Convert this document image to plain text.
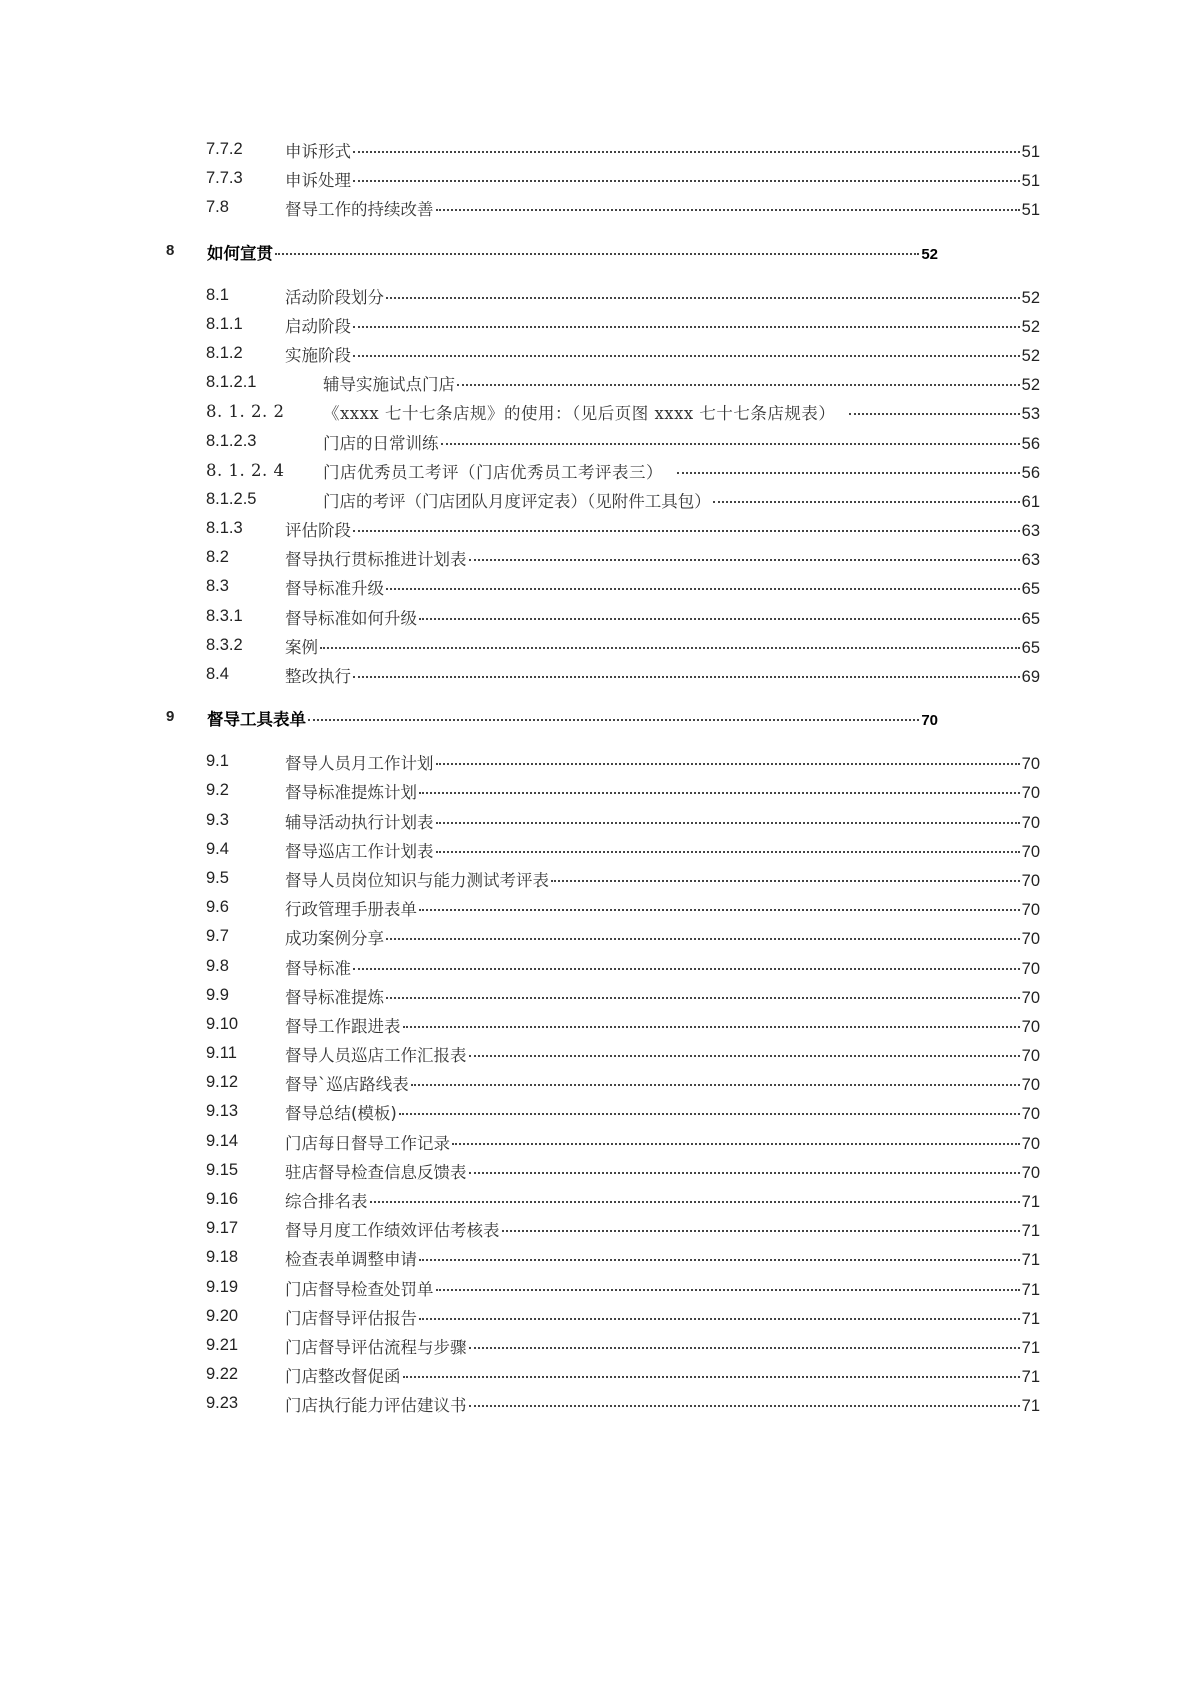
7.7.2	申诉形式	51
7.7.3	申诉处理	51
7.8	督导工作的持续改善	51
8 如何宣贯	52
8.1	活动阶段划分	52
8.1.1	启动阶段	52
8.1.2	实施阶段	52
8.1.2.1	辅导实施试点门店	52
8. 1. 2. 2 《xxxx 七十七条店规》的使用：（见后页图 xxxx 七十七条店规表）	53
8.1.2.3	门店的日常训练	56
8. 1. 2. 4 门店优秀员工考评（门店优秀员工考评表三）	56
8.1.2.5	门店的考评（门店团队月度评定表）（见附件工具包）	61
8.1.3	评估阶段	63
8.2	督导执行贯标推进计划表	63
8.3	督导标准升级	65
8.3.1	督导标准如何升级	65
8.3.2	案例	65
8.4	整改执行	69
9 督导工具表单	70
9.1	督导人员月工作计划	70
9.2	督导标准提炼计划	70
9.3	辅导活动执行计划表	70
9.4	督导巡店工作计划表	70
9.5	督导人员岗位知识与能力测试考评表	70
9.6	行政管理手册表单	70
9.7	成功案例分享	70
9.8	督导标准	70
9.9	督导标准提炼	70
9.10	督导工作跟进表	70
9.11	督导人员巡店工作汇报表	70
9.12	督导`巡店路线表	70
9.13	督导总结(模板)	70
9.14	门店每日督导工作记录	70
9.15	驻店督导检查信息反馈表	70
9.16	综合排名表	71
9.17	督导月度工作绩效评估考核表	71
9.18	检查表单调整申请	71
9.19	门店督导检查处罚单	71
9.20	门店督导评估报告	71
9.21	门店督导评估流程与步骤	71
9.22	门店整改督促函	71
9.23	门店执行能力评估建议书	71
